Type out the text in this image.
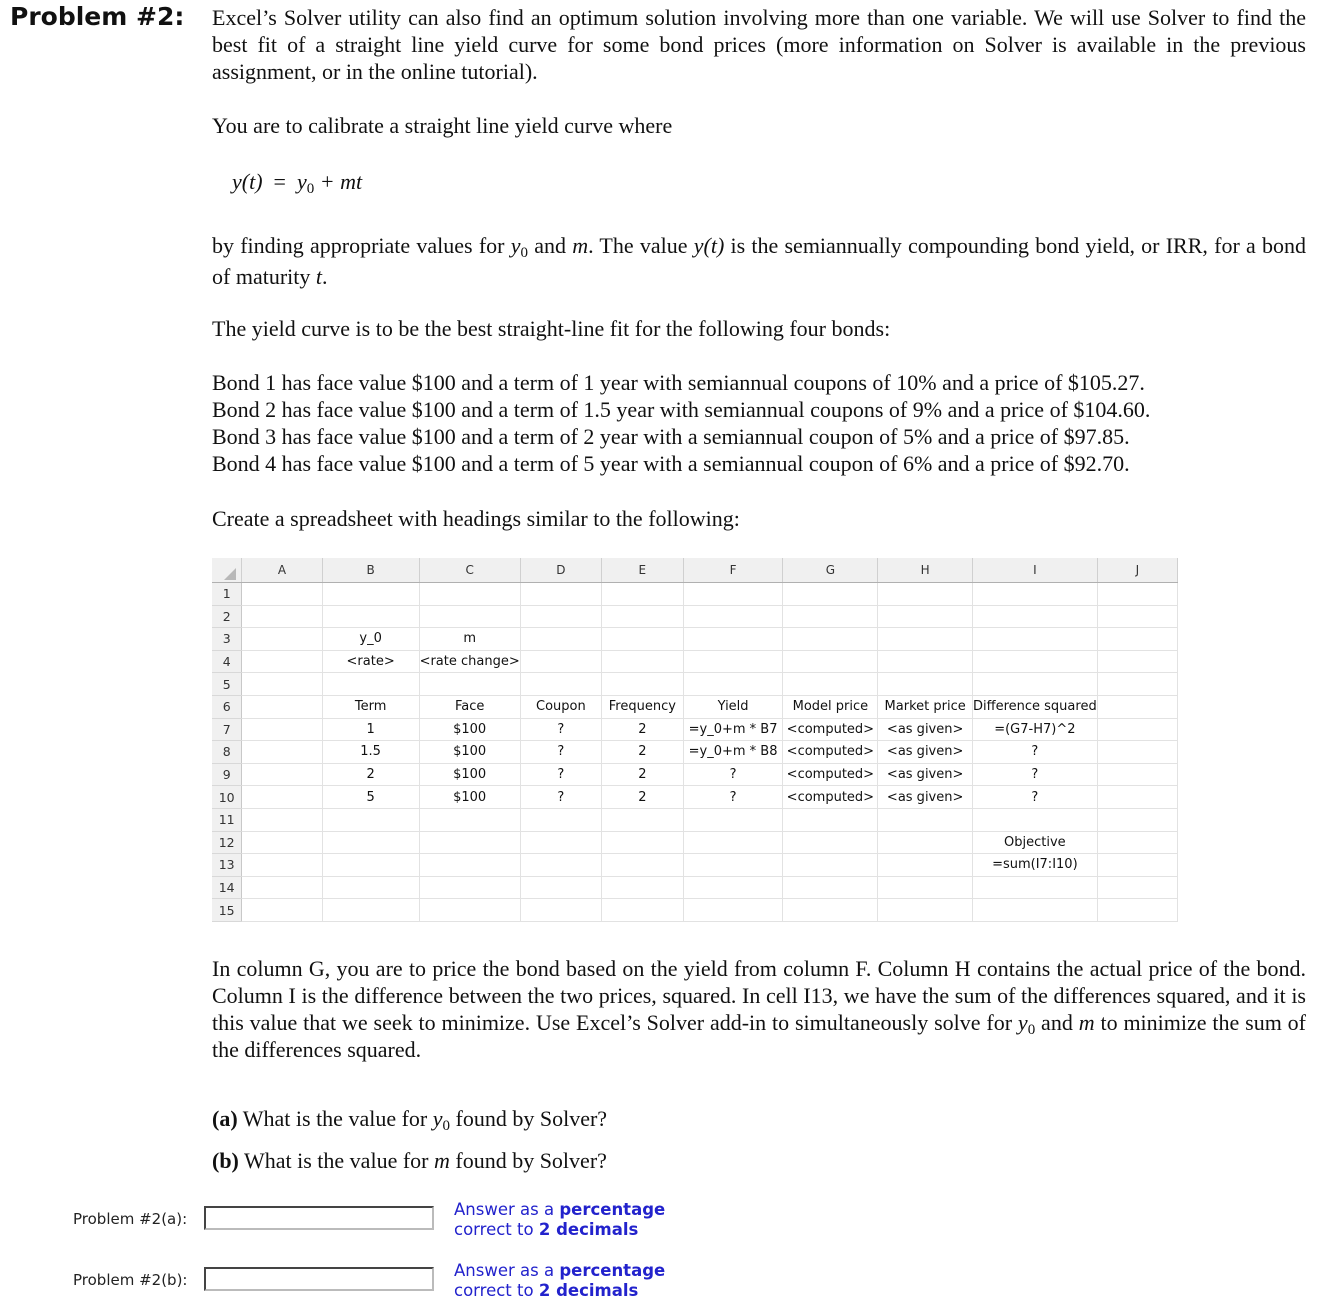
Problem #2: Excel’s Solver utility can also find an optimum solution involving more than one variable. We will use Solver to find the best fit of a straight line yield curve for some bond prices (more information on Solver is available in the previous assignment, or in the online tutorial).
You are to calibrate a straight line yield curve where
$y(t) = y_0$ + mt
by finding appropriate values for $y_0$ and m. The value y(t) is the semiannually compounding bond yield, or IRR, for a bond of maturity t.
The yield curve is to be the best straight-line fit for the following four bonds:
Bond 1 has face value $100 and a term of 1 year with semiannual coupons of 10% and a price of $105.27.
Bond 2 has face value $100 and a term of 1.5 year with semiannual coupons of 9% and a price of $104.60.
Bond 3 has face value $100 and a term of 2 year with a semiannual coupon of 5% and a price of $97.85.
Bond 4 has face value $100 and a term of 5 year with a semiannual coupon of 6% and a price of $92.70.
Create a spreadsheet with headings similar to the following:
	A	B	C	D	E	F	G	H	I	J
1										
2										
3		y_0	m							
4		<rate>	<rate change>							
5										
6		Term	Face	Coupon	Frequency	Yield	Model price	Market price	Difference squared	
7		1	$100	?	2	=y_0+m * B7	<computed>	<as given>	=(G7-H7)^2	
8		1.5	$100	?	2	=y_0+m * B8	<computed>	<as given>	?	
9		2	$100	?	2	?	<computed>	<as given>	?	
10		5	$100	?	2	?	<computed>	<as given>	?	
11										
12									Objective	
13									=sum(I7:I10)	
14										
15										
In column G, you are to price the bond based on the yield from column F. Column H contains the actual price of the bond. Column I is the difference between the two prices, squared. In cell I13, we have the sum of the differences squared, and it is this value that we seek to minimize. Use Excel’s Solver add-in to simultaneously solve for $y_0$ and m to minimize the sum of the differences squared.
(a) What is the value for $y_0$ found by Solver?
(b) What is the value for m found by Solver?
Problem #2(a):	Answer as a percentage
correct to 2 decimals
Problem #2(b):	Answer as a percentage
correct to 2 decimals
